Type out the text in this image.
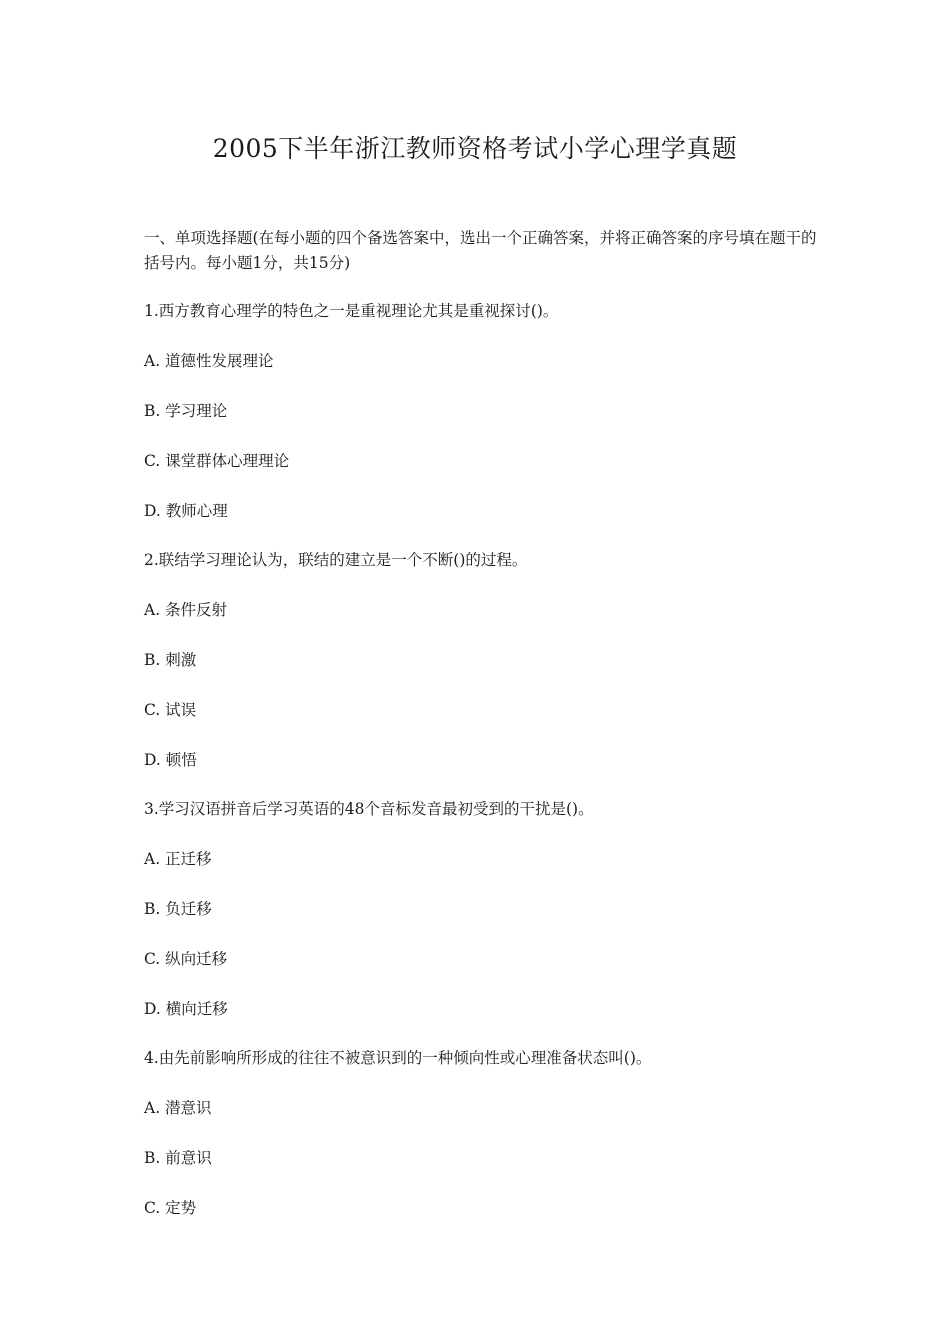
2005下半年浙江教师资格考试小学心理学真题
一、单项选择题(在每小题的四个备选答案中，选出一个正确答案，并将正确答案的序号填在题干的括号内。每小题1分，共15分)
1.西方教育心理学的特色之一是重视理论尤其是重视探讨()。
A. 道德性发展理论
B. 学习理论
C. 课堂群体心理理论
D. 教师心理
2.联结学习理论认为，联结的建立是一个不断()的过程。
A. 条件反射
B. 刺激
C. 试误
D. 顿悟
3.学习汉语拼音后学习英语的48个音标发音最初受到的干扰是()。
A. 正迁移
B. 负迁移
C. 纵向迁移
D. 横向迁移
4.由先前影响所形成的往往不被意识到的一种倾向性或心理准备状态叫()。
A. 潜意识
B. 前意识
C. 定势
